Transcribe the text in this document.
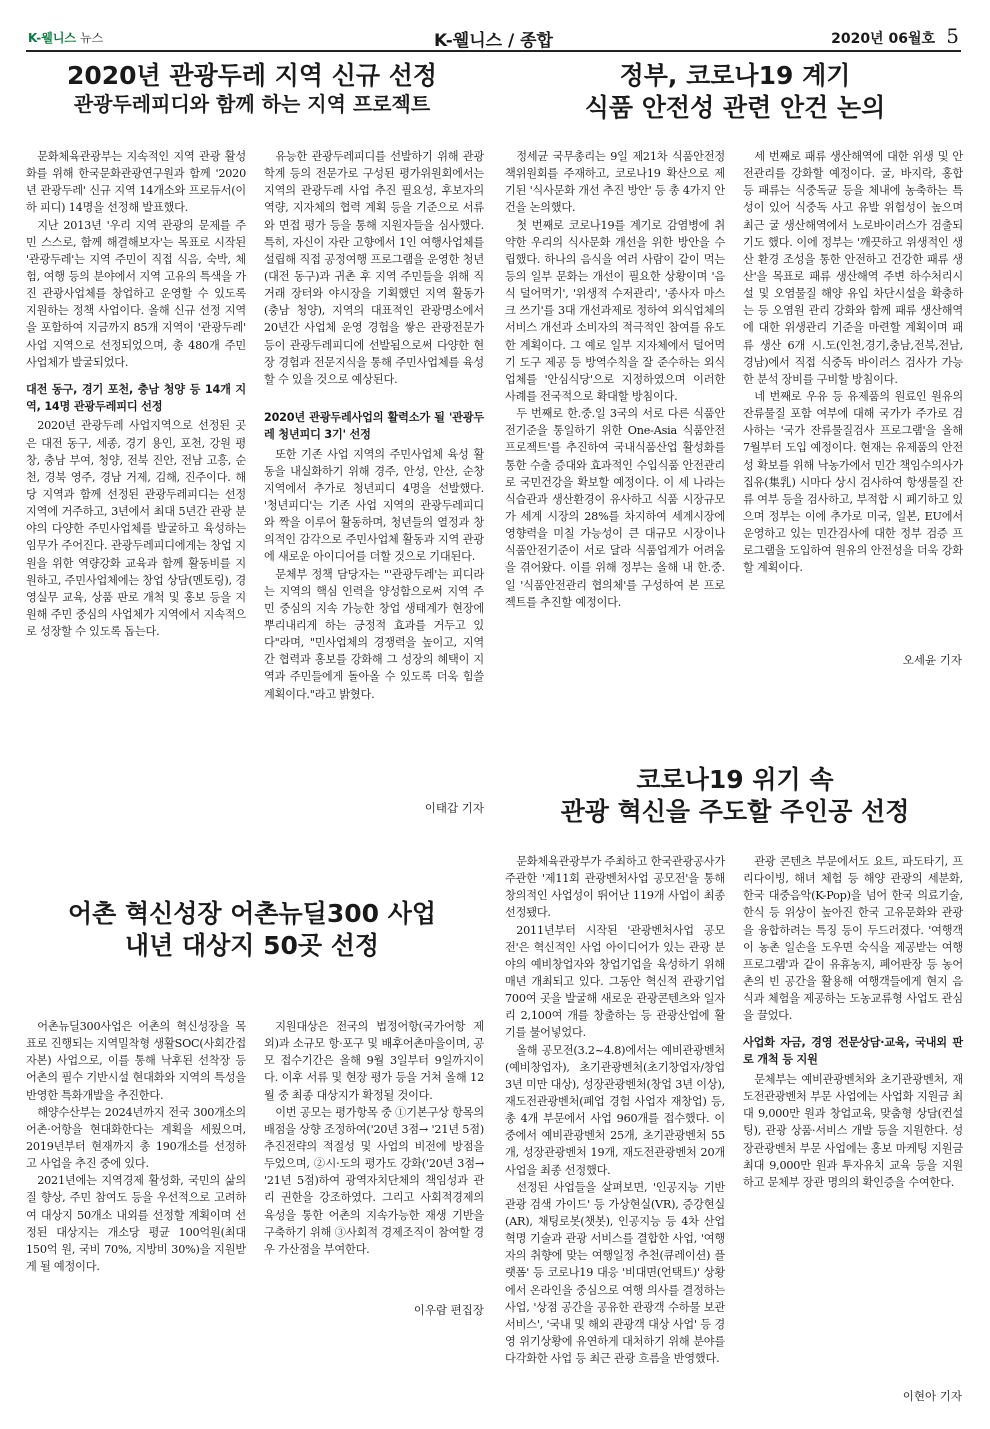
K-웰니스 뉴스	K-웰니스 / 종합	2020년 06월호 5
2020년 관광두레 지역 신규 선정
관광두레피디와 함께 하는 지역 프로젝트

문화체육관광부는 지속적인 지역 관광 활성화를 위해 한국문화관광연구원과 함께 '2020년 관광두레' 신규 지역 14개소와 프로듀서(이하 피디) 14명을 선정해 발표했다.

지난 2013년 '우리 지역 관광의 문제를 주민 스스로, 함께 해결해보자'는 목표로 시작된 '관광두레'는 지역 주민이 직접 식음, 숙박, 체험, 여행 등의 분야에서 지역 고유의 특색을 가진 관광사업체를 창업하고 운영할 수 있도록 지원하는 정책 사업이다. 올해 신규 선정 지역을 포함하여 지금까지 85개 지역이 '관광두레' 사업 지역으로 선정되었으며, 총 480개 주민사업체가 발굴되었다.

대전 동구, 경기 포천, 충남 청양 등 14개 지역, 14명 관광두레피디 선정

2020년 관광두레 사업지역으로 선정된 곳은 대전 동구, 세종, 경기 용인, 포천, 강원 평창, 충남 부여, 청양, 전북 진안, 전남 고흥, 순천, 경북 영주, 경남 거제, 김해, 진주이다. 해당 지역과 함께 선정된 관광두레피디는 선정 지역에 거주하고, 3년에서 최대 5년간 관광 분야의 다양한 주민사업체를 발굴하고 육성하는 임무가 주어진다. 관광두레피디에게는 창업 지원을 위한 역량강화 교육과 함께 활동비를 지원하고, 주민사업체에는 창업 상담(멘토링), 경영실무 교육, 상품 판로 개척 및 홍보 등을 지원해 주민 중심의 사업체가 지역에서 지속적으로 성장할 수 있도록 돕는다.

유능한 관광두레피디를 선발하기 위해 관광학계 등의 전문가로 구성된 평가위원회에서는 지역의 관광두레 사업 추진 필요성, 후보자의 역량, 지자체의 협력 계획 등을 기준으로 서류와 면접 평가 등을 통해 지원자들을 심사했다. 특히, 자신이 자란 고향에서 1인 여행사업체를 설립해 직접 공정여행 프로그램을 운영한 청년(대전 동구)과 귀촌 후 지역 주민들을 위해 직거래 장터와 야시장을 기획했던 지역 활동가(충남 청양), 지역의 대표적인 관광명소에서 20년간 사업체 운영 경험을 쌓은 관광전문가 등이 관광두레피디에 선발됨으로써 다양한 현장 경험과 전문지식을 통해 주민사업체를 육성할 수 있을 것으로 예상된다.

2020년 관광두레사업의 활력소가 될 '관광두레 청년피디 3기' 선정

또한 기존 사업 지역의 주민사업체 육성 활동을 내실화하기 위해 경주, 안성, 안산, 순창 지역에서 추가로 청년피디 4명을 선발했다. '청년피디'는 기존 사업 지역의 관광두레피디와 짝을 이루어 활동하며, 청년들의 열정과 창의적인 감각으로 주민사업체 활동과 지역 관광에 새로운 아이디어를 더할 것으로 기대된다.

문체부 정책 담당자는 "'관광두레'는 피디라는 지역의 핵심 인력을 양성함으로써 지역 주민 중심의 지속 가능한 창업 생태계가 현장에 뿌리내리게 하는 긍정적 효과를 거두고 있다"라며, "민사업체의 경쟁력을 높이고, 지역 간 협력과 홍보를 강화해 그 성장의 혜택이 지역과 주민들에게 돌아올 수 있도록 더욱 힘쓸 계획이다."라고 밝혔다.

이태갑 기자
정부, 코로나19 계기
식품 안전성 관련 안건 논의

정세균 국무총리는 9일 제21차 식품안전정책위원회를 주재하고, 코로나19 확산으로 제기된 '식사문화 개선 추진 방안' 등 총 4가지 안건을 논의했다.

첫 번째로 코로나19를 계기로 감염병에 취약한 우리의 식사문화 개선을 위한 방안을 수립했다. 하나의 음식을 여러 사람이 같이 먹는 등의 일부 문화는 개선이 필요한 상황이며 '음식 덜어먹기', '위생적 수저관리', '종사자 마스크 쓰기'를 3대 개선과제로 정하여 외식업체의 서비스 개선과 소비자의 적극적인 참여를 유도한 계획이다. 그 예로 일부 지자체에서 덜어먹기 도구 제공 등 방역수칙을 잘 준수하는 외식업체를 '안심식당'으로 지정하였으며 이러한 사례를 전국적으로 확대할 방침이다.

두 번째로 한.중.일 3국의 서로 다른 식품안전기준을 통일하기 위한 One-Asia 식품안전 프로젝트'를 추진하여 국내식품산업 활성화를 통한 수출 증대와 효과적인 수입식품 안전관리로 국민건강을 확보할 예정이다. 이 세 나라는 식습관과 생산환경이 유사하고 식품 시장규모가 세계 시장의 28%를 차지하여 세계시장에 영향력을 미칠 가능성이 큰 대규모 시장이나 식품안전기준이 서로 달라 식품업계가 어려움을 겪어왔다. 이를 위해 정부는 올해 내 한.중.일 '식품안전관리 협의체'를 구성하여 본 프로젝트를 추진할 예정이다.

세 번째로 패류 생산해역에 대한 위생 및 안전관리를 강화할 예정이다. 굴, 바지락, 홍합 등 패류는 식중독균 등을 체내에 농축하는 특성이 있어 식중독 사고 유발 위험성이 높으며 최근 굴 생산해역에서 노로바이러스가 검출되기도 했다. 이에 정부는 '깨끗하고 위생적인 생산 환경 조성을 통한 안전하고 건강한 패류 생산'을 목표로 패류 생산해역 주변 하수처리시설 및 오염물질 해양 유입 차단시설을 확충하는 등 오염원 관리 강화와 함께 패류 생산해역에 대한 위생관리 기준을 마련할 계획이며 패류 생산 6개 시.도(인천,경기,충남,전북,전남,경남)에서 직접 식중독 바이러스 검사가 가능한 분석 장비를 구비할 방침이다.

네 번째로 우유 등 유제품의 원료인 원유의 잔류물질 포함 여부에 대해 국가가 주가로 검사하는 '국가 잔류물질검사 프로그램'을 올해 7월부터 도입 예정이다. 현재는 유제품의 안전성 확보를 위해 낙농가에서 민간 책임수의사가 집유(集乳) 시마다 상시 검사하여 항생물질 잔류 여부 등을 검사하고, 부적합 시 폐기하고 있으며 정부는 이에 추가로 미국, 일본, EU에서 운영하고 있는 민간검사에 대한 정부 검증 프로그램을 도입하여 원유의 안전성을 더욱 강화할 계획이다.

오세윤 기자
어촌 혁신성장 어촌뉴딜300 사업
내년 대상지 50곳 선정

어촌뉴딜300사업은 어촌의 혁신성장을 목표로 진행되는 지역밀착형 생활SOC(사회간접자본) 사업으로, 이를 통해 낙후된 선착장 등 어촌의 필수 기반시설 현대화와 지역의 특성을 반영한 특화개발을 추진한다.

해양수산부는 2024년까지 전국 300개소의 어촌·어항을 현대화한다는 계획을 세웠으며, 2019년부터 현재까지 총 190개소를 선정하고 사업을 추진 중에 있다.

2021년에는 지역경제 활성화, 국민의 삶의 질 향상, 주민 참여도 등을 우선적으로 고려하여 대상지 50개소 내외를 선정할 계획이며 선정된 대상지는 개소당 평균 100억원(최대 150억 원, 국비 70%, 지방비 30%)을 지원받게 될 예정이다.

지원대상은 전국의 법정어항(국가어항 제외)과 소규모 항·포구 및 배후어촌마을이며, 공모 접수기간은 올해 9월 3일부터 9일까지이다. 이후 서류 및 현장 평가 등을 거쳐 올해 12월 중 최종 대상지가 확정될 것이다.

이번 공모는 평가항목 중 ①기본구상 항목의 배점을 상향 조정하여('20년 3점→ '21년 5점) 추진전략의 적절성 및 사업의 비전에 방점을 두었으며, ②시·도의 평가도 강화('20년 3점→ '21년 5점)하여 광역자치단체의 책임성과 관리 권한을 강조하였다. 그리고 사회적경제의 육성을 통한 어촌의 지속가능한 재생 기반을 구축하기 위해 ③사회적 경제조직이 참여할 경우 가산점을 부여한다.

이우람 편집장
코로나19 위기 속
관광 혁신을 주도할 주인공 선정

문화체육관광부가 주최하고 한국관광공사가 주관한 '제11회 관광벤처사업 공모전'을 통해 창의적인 사업성이 뛰어난 119개 사업이 최종 선정됐다.

2011년부터 시작된 '관광벤처사업 공모전'은 혁신적인 사업 아이디어가 있는 관광 분야의 예비창업자와 창업기업을 육성하기 위해 매년 개최되고 있다. 그동안 혁신적 관광기업 700여 곳을 발굴해 새로운 관광콘텐츠와 일자리 2,100여 개를 창출하는 등 관광산업에 활기를 불어넣었다.

올해 공모전(3.2~4.8)에서는 예비관광벤처(예비창업자), 초기관광벤처(초기창업자/창업 3년 미만 대상), 성장관광벤처(창업 3년 이상), 재도전관광벤처(폐업 경험 사업자 재창업) 등, 총 4개 부문에서 사업 960개를 접수했다. 이 중에서 예비관광벤처 25개, 초기관광벤처 55개, 성장관광벤처 19개, 재도전관광벤처 20개 사업을 최종 선정했다.

선정된 사업들을 살펴보면, '인공지능 기반 관광 검색 가이드' 등 가상현실(VR), 증강현실(AR), 채팅로봇(챗봇), 인공지능 등 4차 산업혁명 기술과 관광 서비스를 결합한 사업, '여행자의 취향에 맞는 여행일정 추천(큐레이션) 플랫폼' 등 코로나19 대응 '비대면(언택트)' 상황에서 온라인을 중심으로 여행 의사를 결정하는 사업, '상점 공간을 공유한 관광객 수하물 보관서비스', '국내 및 해외 관광객 대상 사업' 등 경영 위기상황에 유연하게 대처하기 위해 분야를 다각화한 사업 등 최근 관광 흐름을 반영했다.

관광 콘텐츠 부문에서도 요트, 파도타기, 프리다이빙, 해녀 체험 등 해양 관광의 세분화, 한국 대중음악(K-Pop)을 넘어 한국 의료기술, 한식 등 위상이 높아진 한국 고유문화와 관광을 융합하려는 특징 등이 두드러졌다. '여행객이 농촌 일손을 도우면 숙식을 제공받는 여행 프로그램'과 같이 유휴농지, 폐어판장 등 농어촌의 빈 공간을 활용해 여행객들에게 현지 음식과 체험을 제공하는 도농교류형 사업도 관심을 끌었다.

사업화 자금, 경영 전문상담·교육, 국내외 판로 개척 등 지원

문체부는 예비관광벤처와 초기관광벤처, 재도전관광벤처 부문 사업에는 사업화 지원금 최대 9,000만 원과 창업교육, 맞춤형 상담(컨설팅), 관광 상품·서비스 개발 등을 지원한다. 성장관광벤처 부문 사업에는 홍보 마케팅 지원금 최대 9,000만 원과 투자유치 교육 등을 지원하고 문체부 장관 명의의 확인증을 수여한다.

이현아 기자
